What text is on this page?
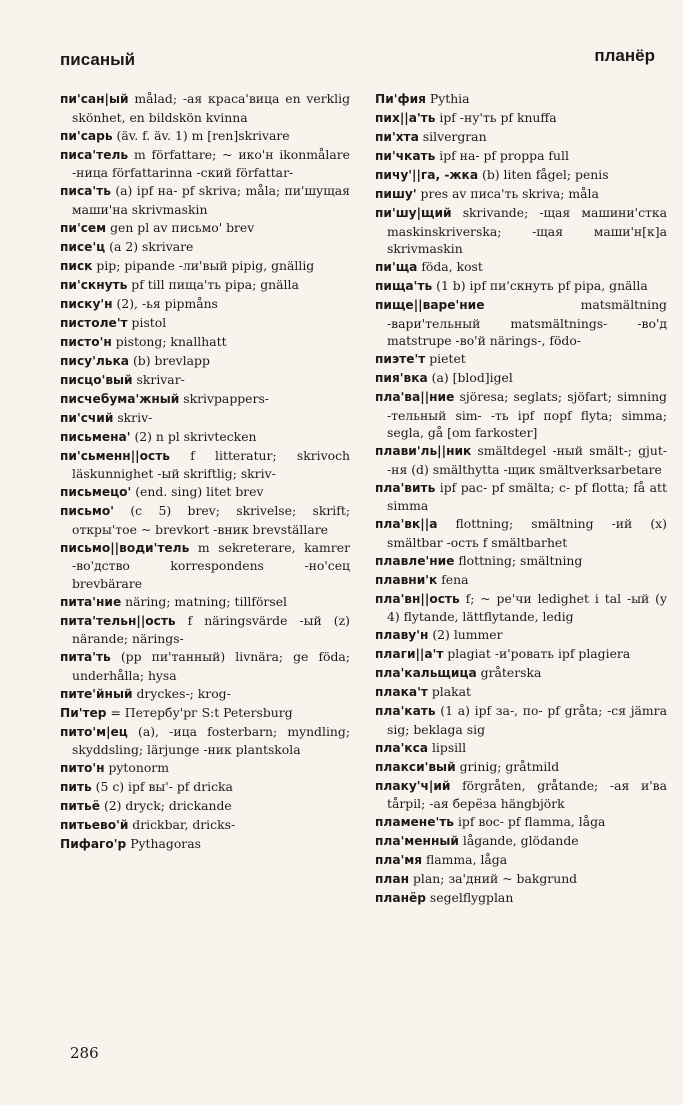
писаный	планёр
пи'сан|ый målad; -ая краса'вица en verklig skönhet, en bildskön kvinna
пи'сарь (äv. f. äv. 1) m [ren]skrivare
писа'тель m författare; ~ ико'н ikonmålare -ница författarinna -ский författar-
писа'ть (a) ipf на- pf skriva; måla; пи'шущая маши'на skrivmaskin
пи'сем gen pl av письмо' brev
писе'ц (a 2) skrivare
писк pip; pipande -ли'вый pipig, gnällig
пи'скнуть pf till пища'ть pipa; gnälla
писку'н (2), -ья pipmåns
пистоле'т pistol
писто'н pistong; knallhatt
пису'лька (b) brevlapp
писцо'вый skrivar-
писчебума'жный skrivpappers-
пи'счий skriv-
письмена' (2) n pl skrivtecken
пи'сьменн||ость f litteratur; skrivoch läskunnighet -ый skriftlig; skriv-
письмецо' (end. sing) litet brev
письмо' (c 5) brev; skrivelse; skrift; откры'тое ~ brevkort -вник brevställare
письмо||води'тель m sekreterare, kamrer -во'дство korrespondens -но'сец brevbärare
пита'ние näring; matning; tillförsel
пита'тельн||ость f näringsvärde -ый (z) närande; närings-
пита'ть (pp пи'танный) livnära; ge föda; underhålla; hysa
пите'йный dryckes-; krog-
Пи'тер = Петербу'рг S:t Petersburg
пито'м|ец (a), -ица fosterbarn; myndling; skyddsling; lärjunge -ник plantskola
пито'н pytonorm
пить (5 c) ipf вы'- pf dricka
питьё (2) dryck; drickande
питьево'й drickbar, dricks-
Пифаго'р Pythagoras
Пи'фия Pythia
пих||а'ть ipf -ну'ть pf knuffa
пи'хта silvergran
пи'чкать ipf на- pf proppa full
пичу'||га, -жка (b) liten fågel; penis
пишу' pres av писа'ть skriva; måla
пи'шу|щий skrivande; -щая машини'стка maskinskriverska; -щая маши'н[к]а skrivmaskin
пи'ща föda, kost
пища'ть (1 b) ipf пи'скнуть pf pipa, gnälla
пище||варе'ние matsmältning -вари'тельный matsmältnings- -во'д matstrupe -во'й närings-, födo-
пиэте'т pietet
пия'вка (a) [blod]igel
пла'ва||ние sjöresa; seglats; sjöfart; simning -тельный sim- -ть ipf поpf flyta; simma; segla, gå [om farkoster]
плави'ль||ник smältdegel -ный smält-; gjut- -ня (d) smälthytta -щик smältverksarbetare
пла'вить ipf рас- pf smälta; с- pf flotta; få att simma
пла'вк||а flottning; smältning -ий (x) smältbar -ость f smältbarhet
плавле'ние flottning; smältning
плавни'к fena
пла'вн||ость f; ~ ре'чи ledighet i tal -ый (y 4) flytande, lättflytande, ledig
плаву'н (2) lummer
плаги||а'т plagiat -и'ровать ipf plagiera
пла'кальщица gråterska
плака'т plakat
пла'кать (1 a) ipf за-, по- pf gråta; -ся jämra sig; beklaga sig
пла'кса lipsill
плакси'вый grinig; gråtmild
плаку'ч|ий förgråten, gråtande; -ая и'ва tårpil; -ая берёза hängbjörk
пламене'ть ipf вос- pf flamma, låga
пла'менный lågande, glödande
пла'мя flamma, låga
план plan; за'дний ~ bakgrund
планёр segelflygplan
286
